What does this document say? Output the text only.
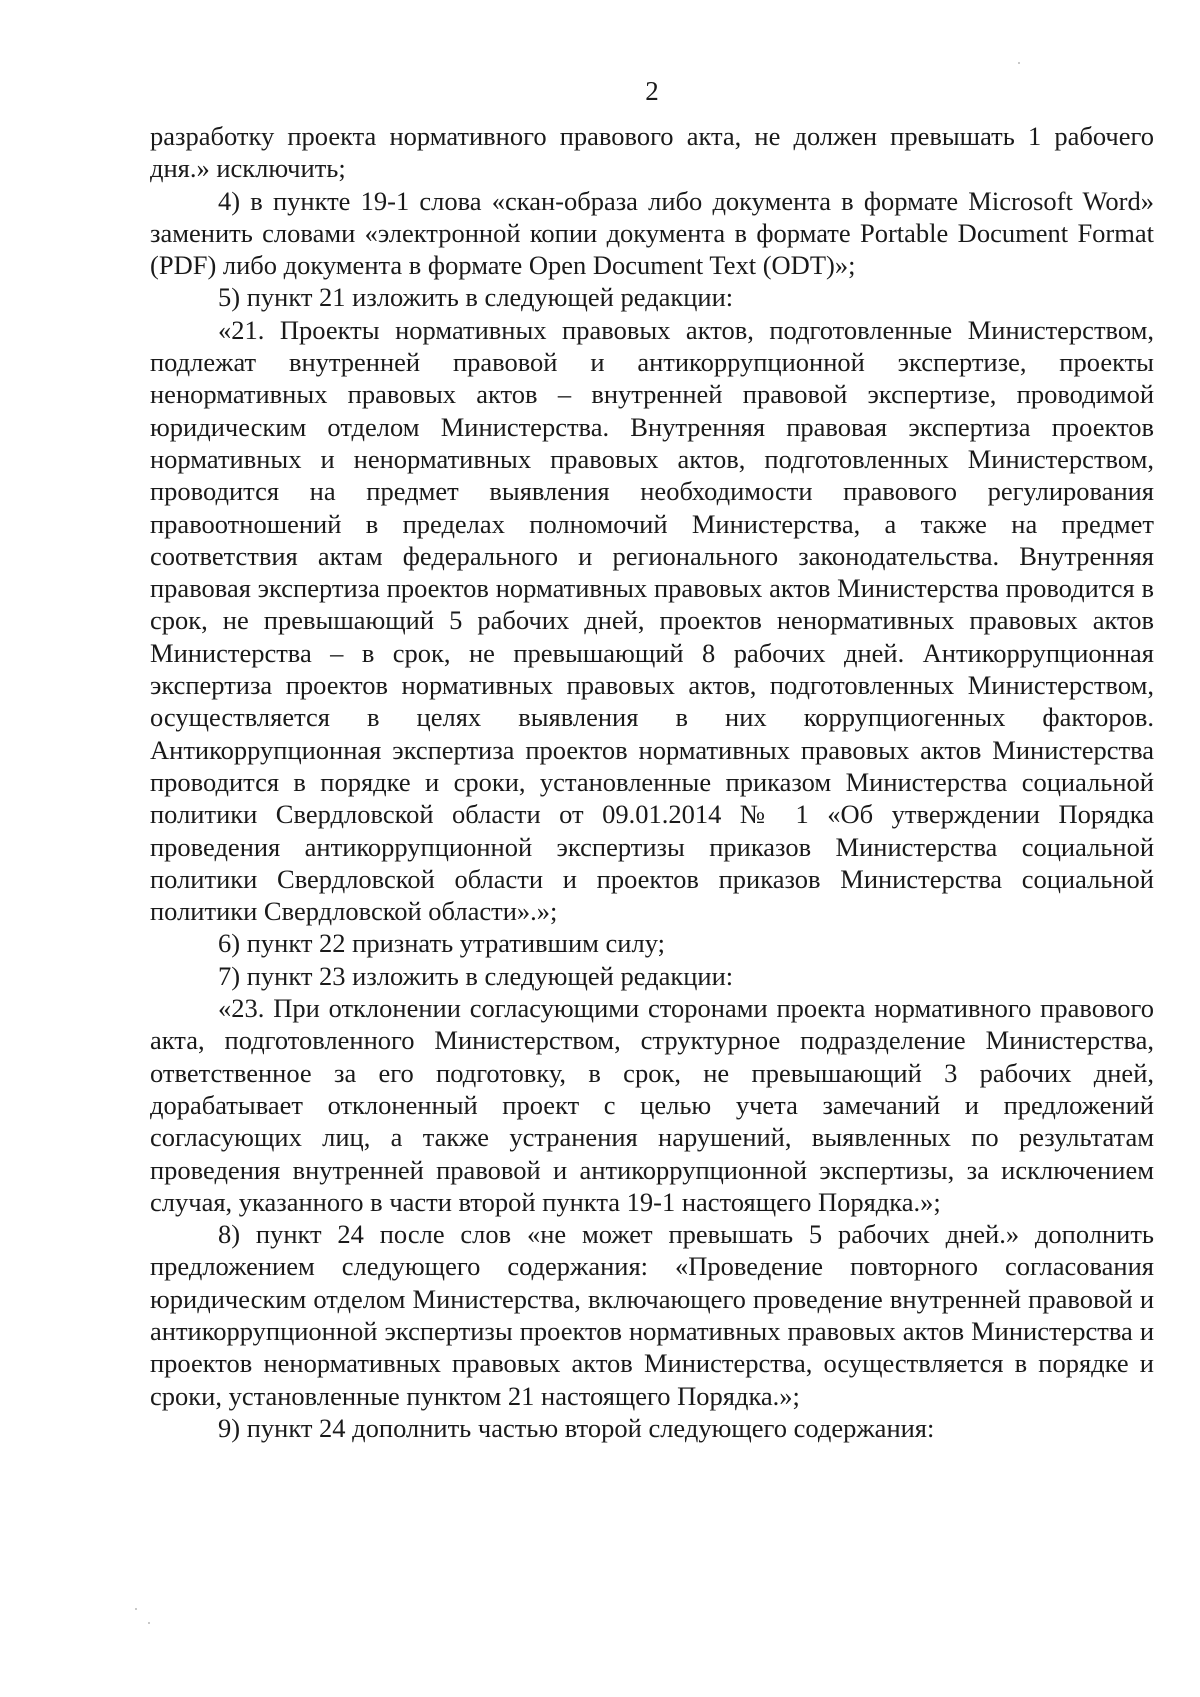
2

разработку проекта нормативного правового акта, не должен превышать 1 рабочего дня.» исключить;

4) в пункте 19-1 слова «скан-образа либо документа в формате Microsoft Word» заменить словами «электронной копии документа в формате Portable Document Format (PDF) либо документа в формате Open Document Text (ODT)»;

5) пункт 21 изложить в следующей редакции:

«21. Проекты нормативных правовых актов, подготовленные Министерством, подлежат внутренней правовой и антикоррупционной экспертизе, проекты ненормативных правовых актов – внутренней правовой экспертизе, проводимой юридическим отделом Министерства. Внутренняя правовая экспертиза проектов нормативных и ненормативных правовых актов, подготовленных Министерством, проводится на предмет выявления необходимости правового регулирования правоотношений в пределах полномочий Министерства, а также на предмет соответствия актам федерального и регионального законодательства. Внутренняя правовая экспертиза проектов нормативных правовых актов Министерства проводится в срок, не превышающий 5 рабочих дней, проектов ненормативных правовых актов Министерства – в срок, не превышающий 8 рабочих дней. Антикоррупционная экспертиза проектов нормативных правовых актов, подготовленных Министерством, осуществляется в целях выявления в них коррупциогенных факторов. Антикоррупционная экспертиза проектов нормативных правовых актов Министерства проводится в порядке и сроки, установленные приказом Министерства социальной политики Свердловской области от 09.01.2014 № 1 «Об утверждении Порядка проведения антикоррупционной экспертизы приказов Министерства социальной политики Свердловской области и проектов приказов Министерства социальной политики Свердловской области».»;

6) пункт 22 признать утратившим силу;

7) пункт 23 изложить в следующей редакции:

«23. При отклонении согласующими сторонами проекта нормативного правового акта, подготовленного Министерством, структурное подразделение Министерства, ответственное за его подготовку, в срок, не превышающий 3 рабочих дней, дорабатывает отклоненный проект с целью учета замечаний и предложений согласующих лиц, а также устранения нарушений, выявленных по результатам проведения внутренней правовой и антикоррупционной экспертизы, за исключением случая, указанного в части второй пункта 19-1 настоящего Порядка.»;

8) пункт 24 после слов «не может превышать 5 рабочих дней.» дополнить предложением следующего содержания: «Проведение повторного согласования юридическим отделом Министерства, включающего проведение внутренней правовой и антикоррупционной экспертизы проектов нормативных правовых актов Министерства и проектов ненормативных правовых актов Министерства, осуществляется в порядке и сроки, установленные пунктом 21 настоящего Порядка.»;

9) пункт 24 дополнить частью второй следующего содержания:
